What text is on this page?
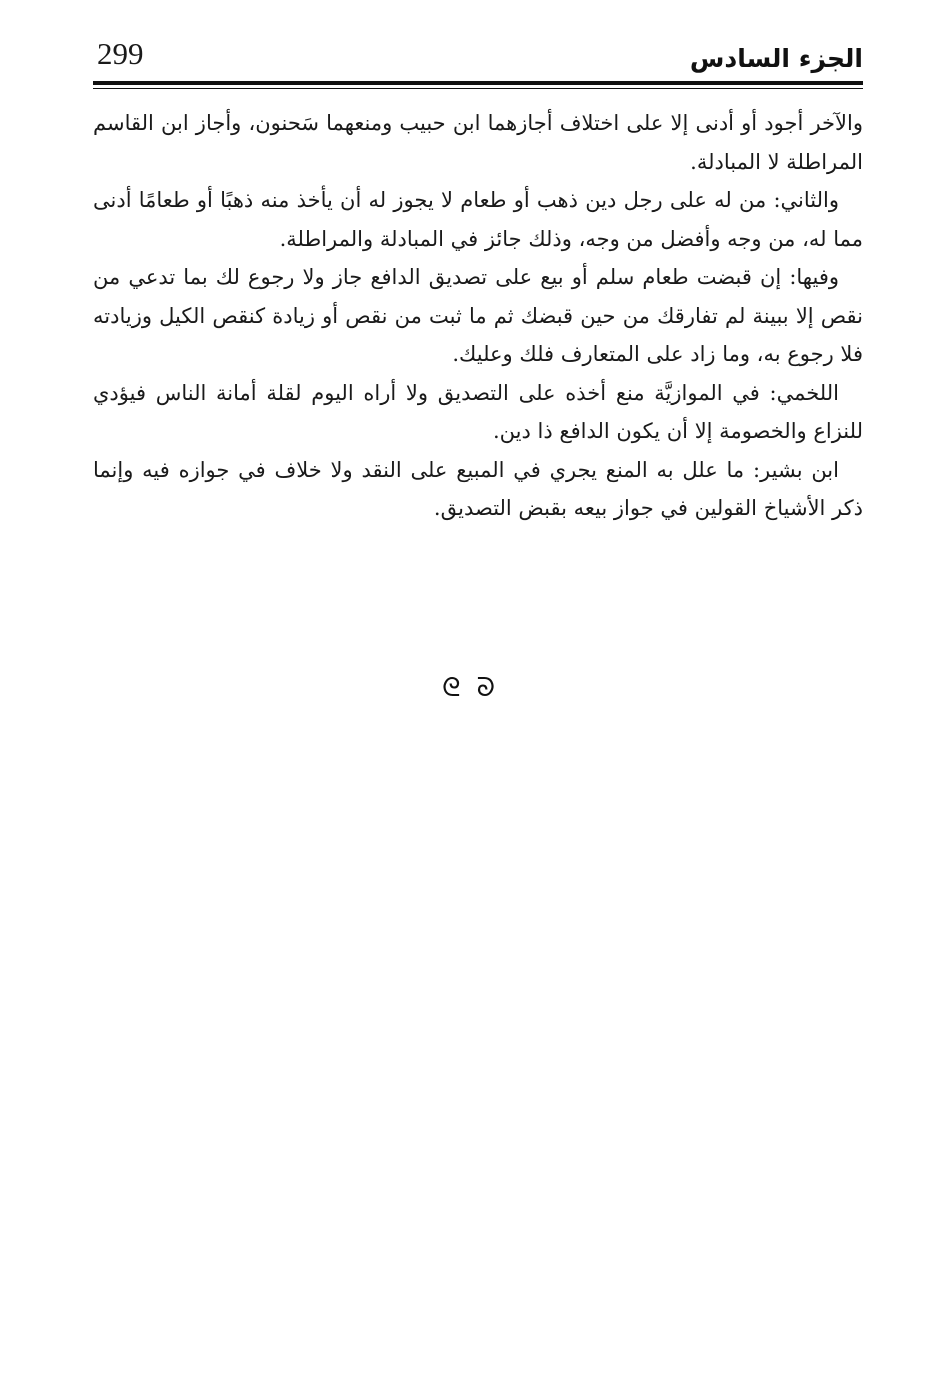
299	الجزء السادس

والآخر أجود أو أدنى إلا على اختلاف أجازهما ابن حبيب ومنعهما سَحنون، وأجاز ابن القاسم المراطلة لا المبادلة.

والثاني: من له على رجل دين ذهب أو طعام لا يجوز له أن يأخذ منه ذهبًا أو طعامًا أدنى مما له، من وجه وأفضل من وجه، وذلك جائز في المبادلة والمراطلة.

وفيها: إن قبضت طعام سلم أو بيع على تصديق الدافع جاز ولا رجوع لك بما تدعي من نقص إلا ببينة لم تفارقك من حين قبضك ثم ما ثبت من نقص أو زيادة كنقص الكيل وزيادته فلا رجوع به، وما زاد على المتعارف فلك وعليك.

اللخمي: في الموازيَّة منع أخذه على التصديق ولا أراه اليوم لقلة أمانة الناس فيؤدي للنزاع والخصومة إلا أن يكون الدافع ذا دين.

ابن بشير: ما علل به المنع يجري في المبيع على النقد ولا خلاف في جوازه فيه وإنما ذكر الأشياخ القولين في جواز بيعه بقبض التصديق.

ᘓ ᘐ
